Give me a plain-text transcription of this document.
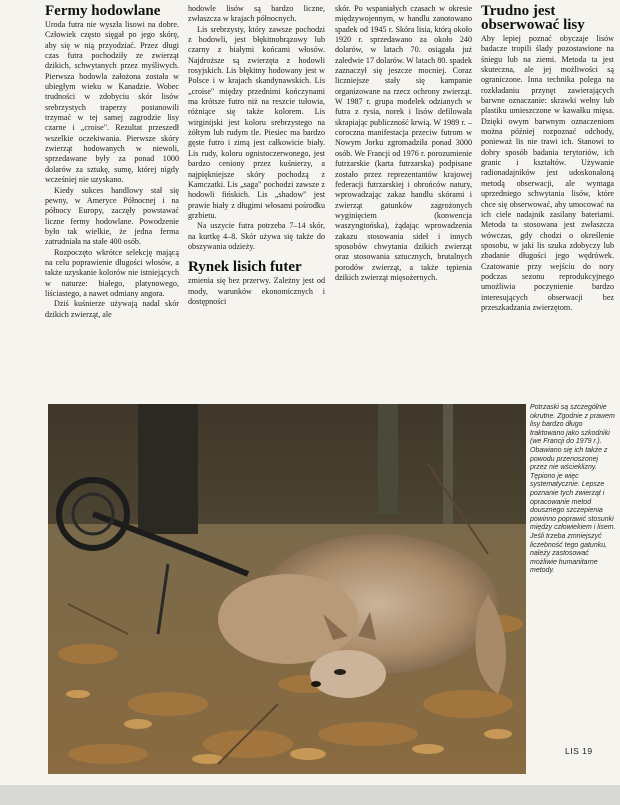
Fermy hodowlane

Uroda futra nie wyszła lisowi na dobre. Człowiek często sięgał po jego skórę, aby się w nią przyodziać. Przez długi czas futra pochodziły ze zwierząt dzikich, schwytanych przez myśliwych. Pierwsza hodowla założona została w ubiegłym wieku w Kanadzie. Wobec trudności w zdobyciu skór lisów srebrzystych traperzy postanowili trzymać w tej samej zagrodzie lisy czarne i „croise". Rezultat przeszedł wszelkie oczekiwania. Pierwsze skóry zwierząt hodowanych w niewoli, sprzedawane były za ponad 1000 dolarów za sztukę, sumę, której nigdy wcześniej nie uzyskano.

Kiedy sukces handlowy stał się pewny, w Ameryce Północnej i na północy Europy, zaczęły powstawać liczne fermy hodowlane. Powodzenie było tak wielkie, że jedna ferma zatrudniała na stałe 400 osób.

Rozpoczęto wkrótce selekcję mającą na celu poprawienie długości włosów, a także uzyskanie kolorów nie istniejących w naturze: białego, platynowego, liściastego, a nawet odmiany angora.

Dziś kuśnierze używają nadal skór dzikich zwierząt, ale

hodowle lisów są bardzo liczne, zwłaszcza w krajach północnych.

Lis srebrzysty, który zawsze pochodzi z hodowli, jest błękitnobrązowy lub czarny z białymi końcami włosów. Najdroższe są zwierzęta z hodowli rosyjskich. Lis błękitny hodowany jest w Polsce i w krajach skandynawskich. Lis „croise" między przednimi kończynami ma krótsze futro niż na reszcie tułowia, różniące się także kolorem. Lis wirginijski jest koloru srebrzystego na żółtym lub rudym tle. Piesiec ma bardzo gęste futro i zimą jest całkowicie biały. Lis rudy, koloru ognistoczerwonego, jest bardzo ceniony przez kuśnierzy, a najpiękniejsze skóry pochodzą z Kamczatki. Lis „saga" pochodzi zawsze z hodowli fińskich. Lis „shadow" jest prawie biały z długimi włosami pośrodku grzbietu.

Na uszycie futra potrzeba 7–14 skór, na kurtkę 4–8. Skór używa się także do obszywania odzieży.

Rynek lisich futer

zmienia się bez przerwy. Zależny jest od mody, warunków ekonomicznych i dostępności

skór. Po wspaniałych czasach w okresie międzywojennym, w handlu zanotowano spadek od 1945 r. Skóra lisia, którą około 1920 r. sprzedawano za około 240 dolarów, w latach 70. osiągała już zaledwie 17 dolarów. W latach 80. spadek zaznaczył się jeszcze mocniej. Coraz liczniejsze stały się kampanie organizowane na rzecz ochrony zwierząt. W 1987 r. grupa modelek odzianych w futra z rysia, norek i lisów defilowała skrapiając publiczność krwią. W 1989 r. – coroczna manifestacja przeciw futrom w Nowym Jorku zgromadziła ponad 3000 osób. We Francji od 1976 r. porozumienie futrzarskie (karta futrzarska) podpisane zostało przez reprezentantów krajowej federacji futrzarskiej i obrońców natury, wprowadzając zakaz handlu skórami i zwierząt gatunków zagrożonych wyginięciem (konwencja waszyngtońska), żądając wprowadzenia zakazu stosowania sideł i innych sposobów chwytania dzikich zwierząt oraz stosowania sztucznych, brutalnych porodów zwierząt, a także tępienia dzikich zwierząt mięsożernych.

Trudno jest obserwować lisy

Aby lepiej poznać obyczaje lisów badacze tropili ślady pozostawione na śniegu lub na ziemi. Metoda ta jest skuteczna, ale jej możliwości są ograniczone. Inna technika polega na rozkładaniu przynęt zawierających barwne oznaczanie: skrawki wełny lub plastiku umieszczone w kawałku mięsa. Dzięki owym barwnym oznaczeniom można później rozpoznać odchody, ponieważ lis nie trawi ich. Stanowi to dobry sposób badania terytoriów, ich granic i kształtów. Używanie radionadajników jest udoskonaloną metodą obserwacji, ale wymaga uprzedniego schwytania lisów, które chce się obserwować, aby umocować na ich ciele nadajnik zasilany bateriami. Metoda ta stosowana jest zwłaszcza wówczas, gdy chodzi o określenie sposobu, w jaki lis szuka zdobyczy lub zbadanie długości jego wędrówek. Czatowanie przy wejściu do nory podczas sezonu reprodukcyjnego umożliwia poczynienie bardzo interesujących obserwacji bez przeszkadzania zwierzętom.

Potrzaski są szczególnie okrutne. Zgodnie z prawem lisy bardzo długo traktowano jako szkodniki (we Francji do 1979 r.). Obawiano się ich także z powodu przenoszonej przez nie wścieklizny. Tępiono je więc systematycznie. Lepsze poznanie tych zwierząt i opracowanie metod dousznego szczepienia powinno poprawić stosunki między człowiekiem i lisem. Jeśli trzeba zmniejszyć liczebność tego gatunku, należy zastosować możliwie humanitarne metody.
LIS 19
